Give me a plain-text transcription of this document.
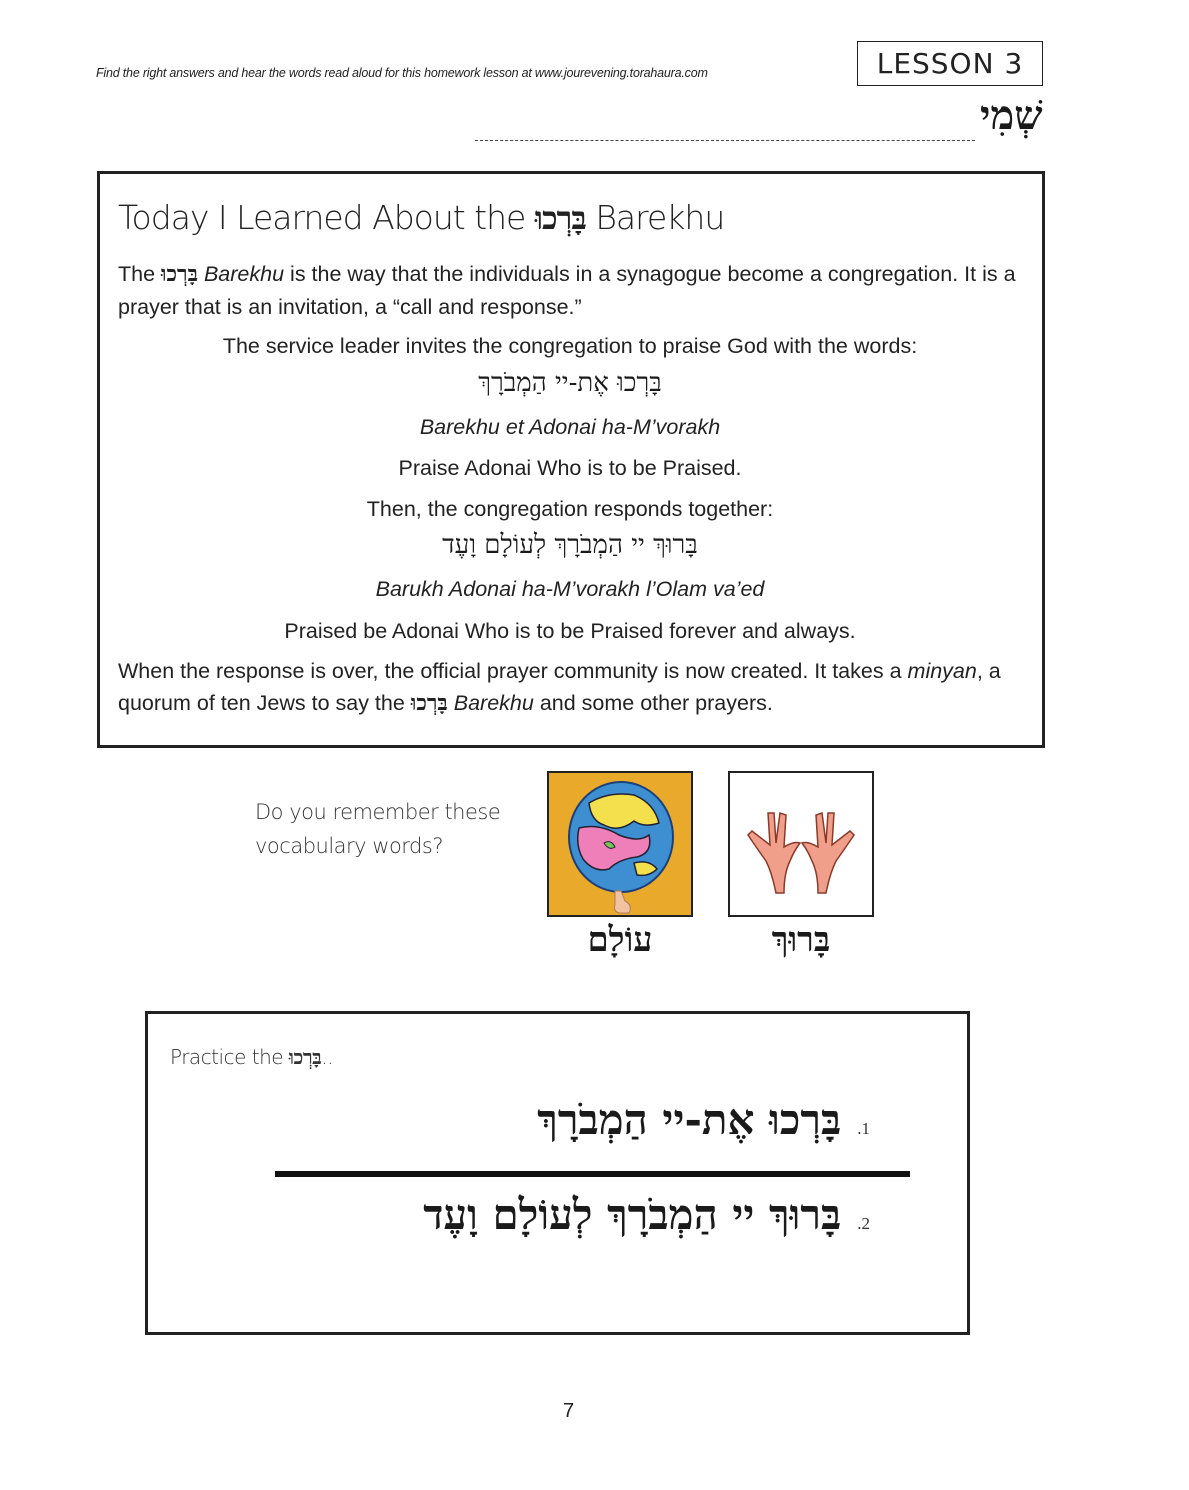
Find the right answers and hear the words read aloud for this homework lesson at www.jourevening.torahaura.com	LESSON 3
שְׁמִי
Today I Learned About the בָּרְכוּ Barekhu
The בָּרְכוּ Barekhu is the way that the individuals in a synagogue become a congregation. It is a prayer that is an invitation, a “call and response.”
The service leader invites the congregation to praise God with the words:
בָּרְכוּ אֶת-יי הַמְבֹרָךְ
Barekhu et Adonai ha-M’vorakh
Praise Adonai Who is to be Praised.
Then, the congregation responds together:
בָּרוּךְ יי הַמְבֹרָךְ לְעוֹלָם וָעֶד
Barukh Adonai ha-M’vorakh l’Olam va’ed
Praised be Adonai Who is to be Praised forever and always.
When the response is over, the official prayer community is now created. It takes a minyan, a quorum of ten Jews to say the בָּרְכוּ Barekhu and some other prayers.
Do you remember these
vocabulary words?
עוֹלָם	בָּרוּךְ
Practice the בָּרְכוּ..
בָּרְכוּ אֶת-יי הַמְבֹרָךְ .1
בָּרוּךְ יי הַמְבֹרָךְ לְעוֹלָם וָעֶד .2
7
